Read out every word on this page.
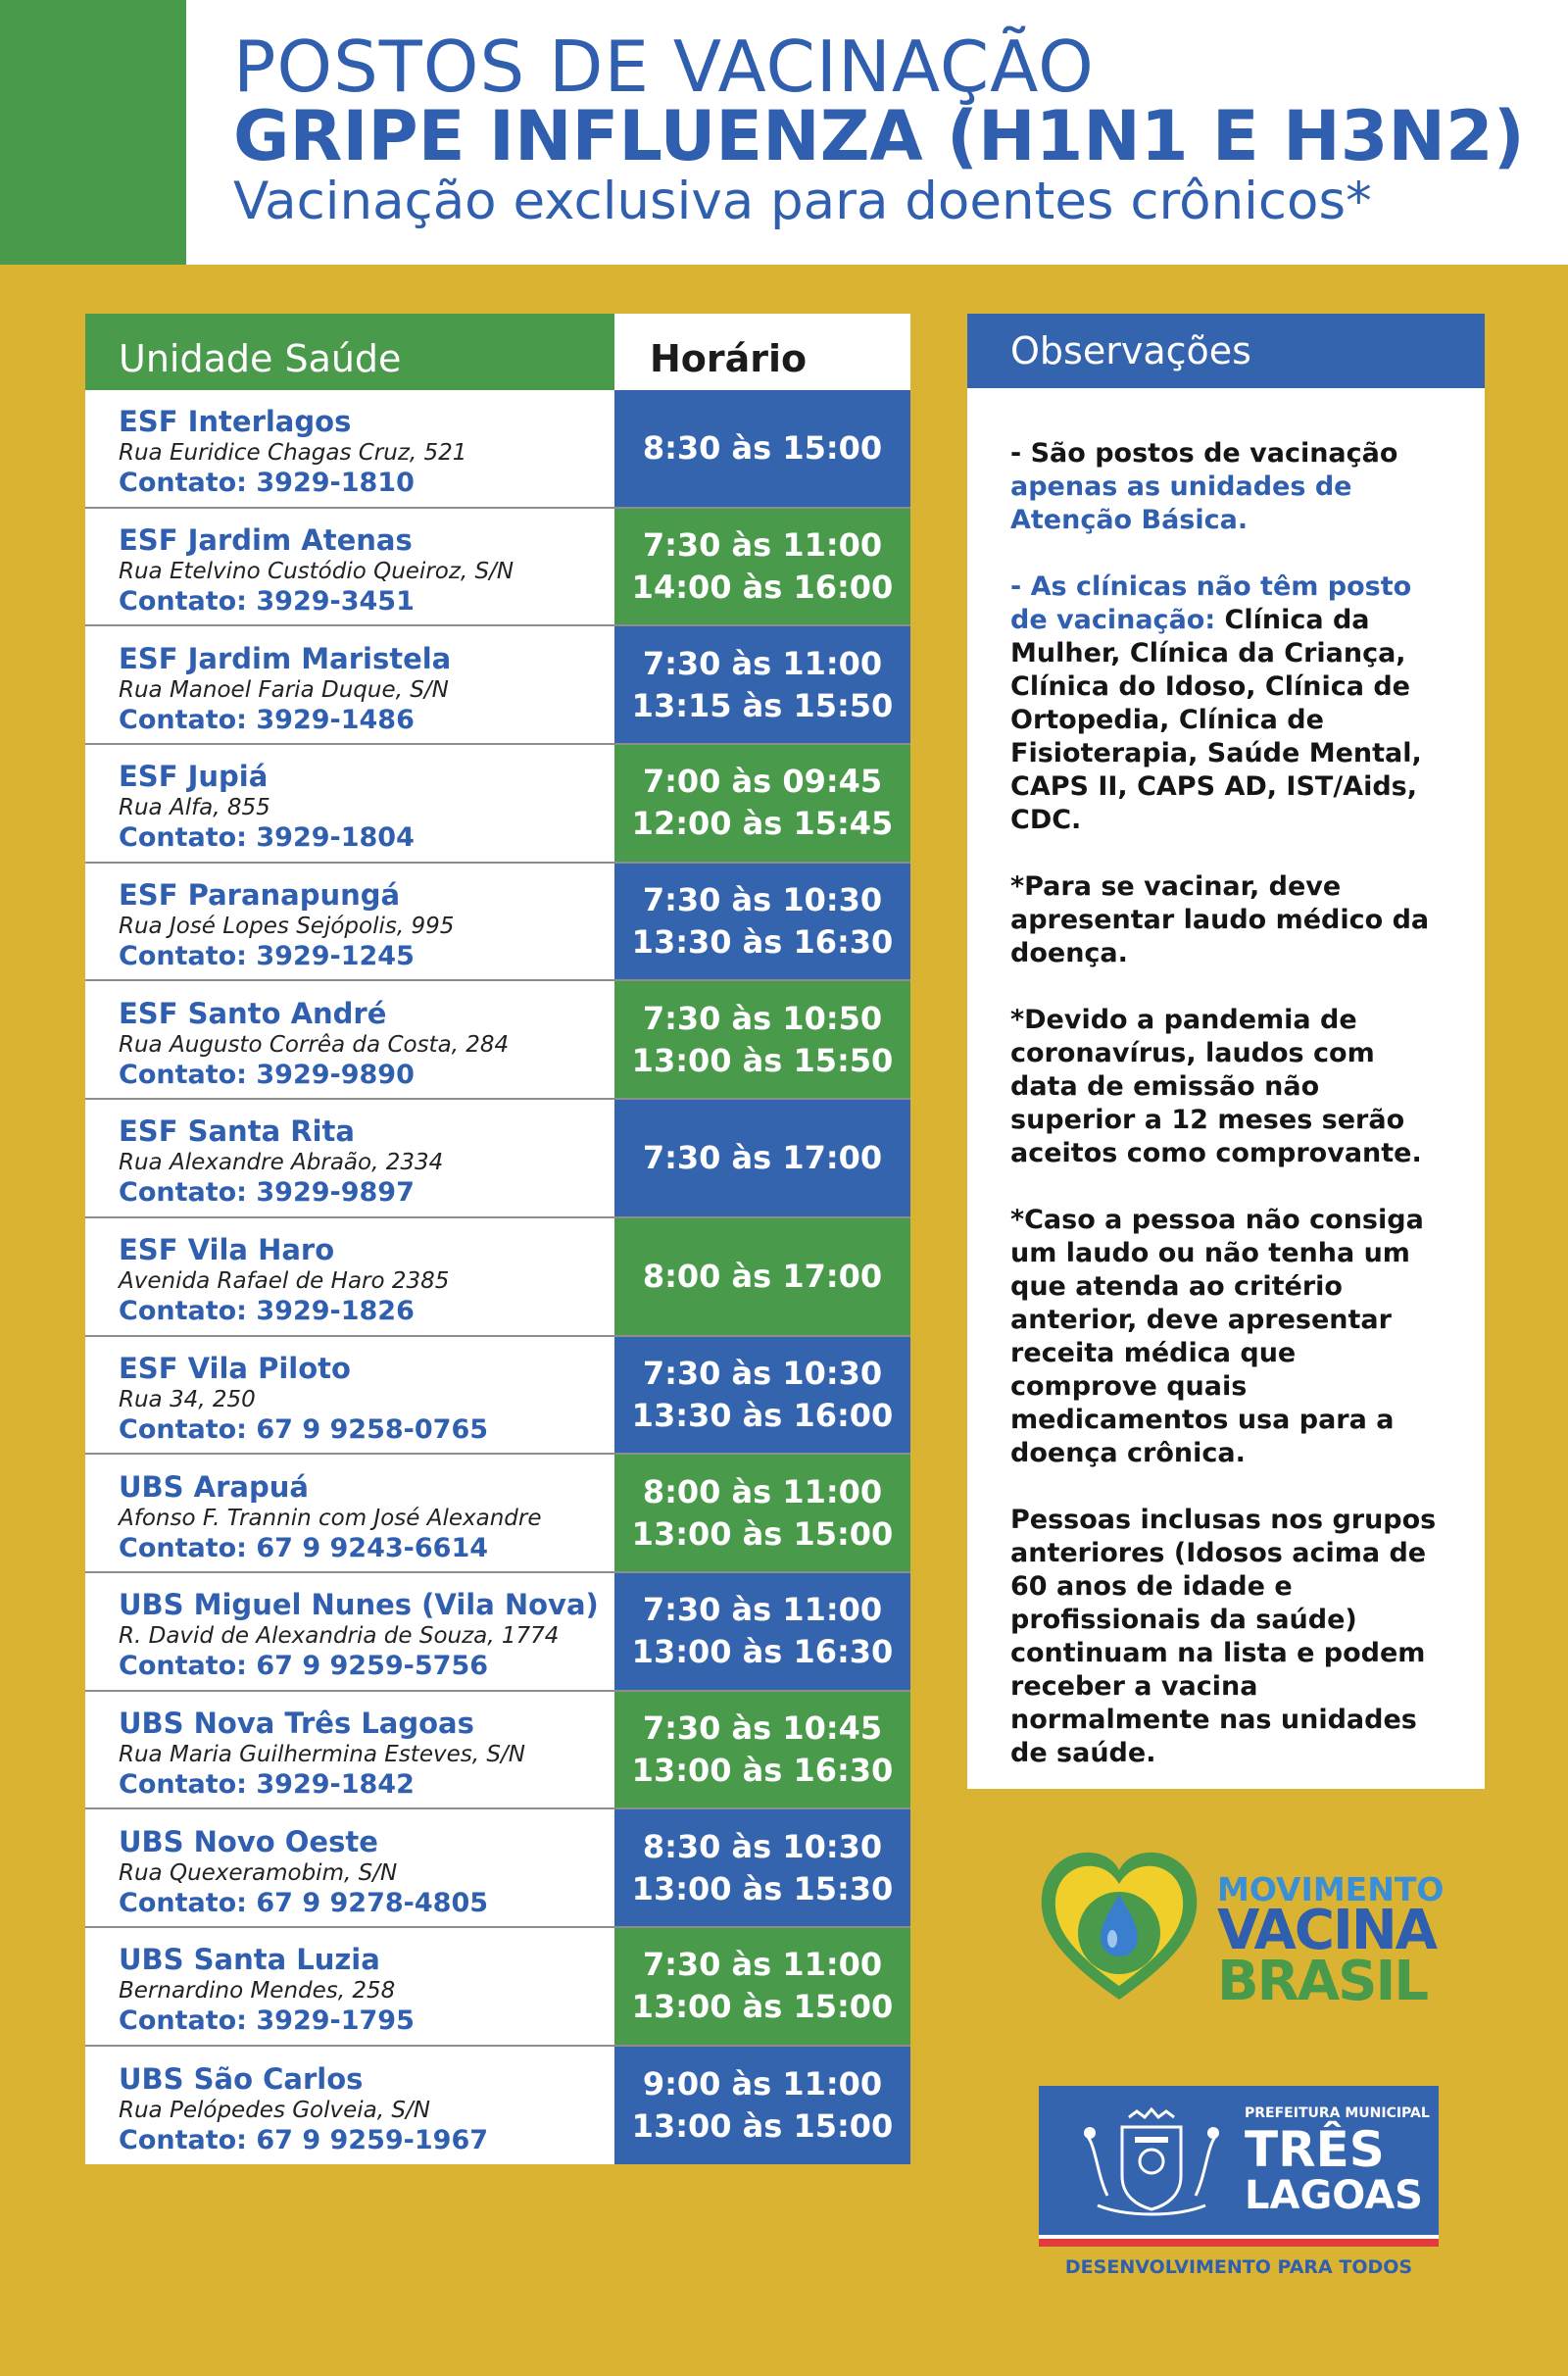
POSTOS DE VACINAÇÃO
GRIPE INFLUENZA (H1N1 E H3N2)
Vacinação exclusiva para doentes crônicos*
Unidade Saúde	Horário
ESF Interlagos
Rua Euridice Chagas Cruz, 521
Contato: 3929-1810
8:30 às 15:00
ESF Jardim Atenas
Rua Etelvino Custódio Queiroz, S/N
Contato: 3929-3451
7:30 às 11:00
14:00 às 16:00
ESF Jardim Maristela
Rua Manoel Faria Duque, S/N
Contato: 3929-1486
7:30 às 11:00
13:15 às 15:50
ESF Jupiá
Rua Alfa, 855
Contato: 3929-1804
7:00 às 09:45
12:00 às 15:45
ESF Paranapungá
Rua José Lopes Sejópolis, 995
Contato: 3929-1245
7:30 às 10:30
13:30 às 16:30
ESF Santo André
Rua Augusto Corrêa da Costa, 284
Contato: 3929-9890
7:30 às 10:50
13:00 às 15:50
ESF Santa Rita
Rua Alexandre Abraão, 2334
Contato: 3929-9897
7:30 às 17:00
ESF Vila Haro
Avenida Rafael de Haro 2385
Contato: 3929-1826
8:00 às 17:00
ESF Vila Piloto
Rua 34, 250
Contato: 67 9 9258-0765
7:30 às 10:30
13:30 às 16:00
UBS Arapuá
Afonso F. Trannin com José Alexandre
Contato: 67 9 9243-6614
8:00 às 11:00
13:00 às 15:00
UBS Miguel Nunes (Vila Nova)
R. David de Alexandria de Souza, 1774
Contato: 67 9 9259-5756
7:30 às 11:00
13:00 às 16:30
UBS Nova Três Lagoas
Rua Maria Guilhermina Esteves, S/N
Contato: 3929-1842
7:30 às 10:45
13:00 às 16:30
UBS Novo Oeste
Rua Quexeramobim, S/N
Contato: 67 9 9278-4805
8:30 às 10:30
13:00 às 15:30
UBS Santa Luzia
Bernardino Mendes, 258
Contato: 3929-1795
7:30 às 11:00
13:00 às 15:00
UBS São Carlos
Rua Pelópedes Golveia, S/N
Contato: 67 9 9259-1967
9:00 às 11:00
13:00 às 15:00
Observações

- São postos de vacinação apenas as unidades de Atenção Básica.

- As clínicas não têm posto de vacinação: Clínica da Mulher, Clínica da Criança, Clínica do Idoso, Clínica de Ortopedia, Clínica de Fisioterapia, Saúde Mental, CAPS II, CAPS AD, IST/Aids, CDC.

*Para se vacinar, deve apresentar laudo médico da doença.

*Devido a pandemia de coronavírus, laudos com data de emissão não superior a 12 meses serão aceitos como comprovante.

*Caso a pessoa não consiga um laudo ou não tenha um que atenda ao critério anterior, deve apresentar receita médica que comprove quais medicamentos usa para a doença crônica.

Pessoas inclusas nos grupos anteriores (Idosos acima de 60 anos de idade e profissionais da saúde) continuam na lista e podem receber a vacina normalmente nas unidades de saúde.

MOVIMENTO
VACINA
BRASIL
PREFEITURA MUNICIPAL
TRÊS
LAGOAS
DESENVOLVIMENTO PARA TODOS
